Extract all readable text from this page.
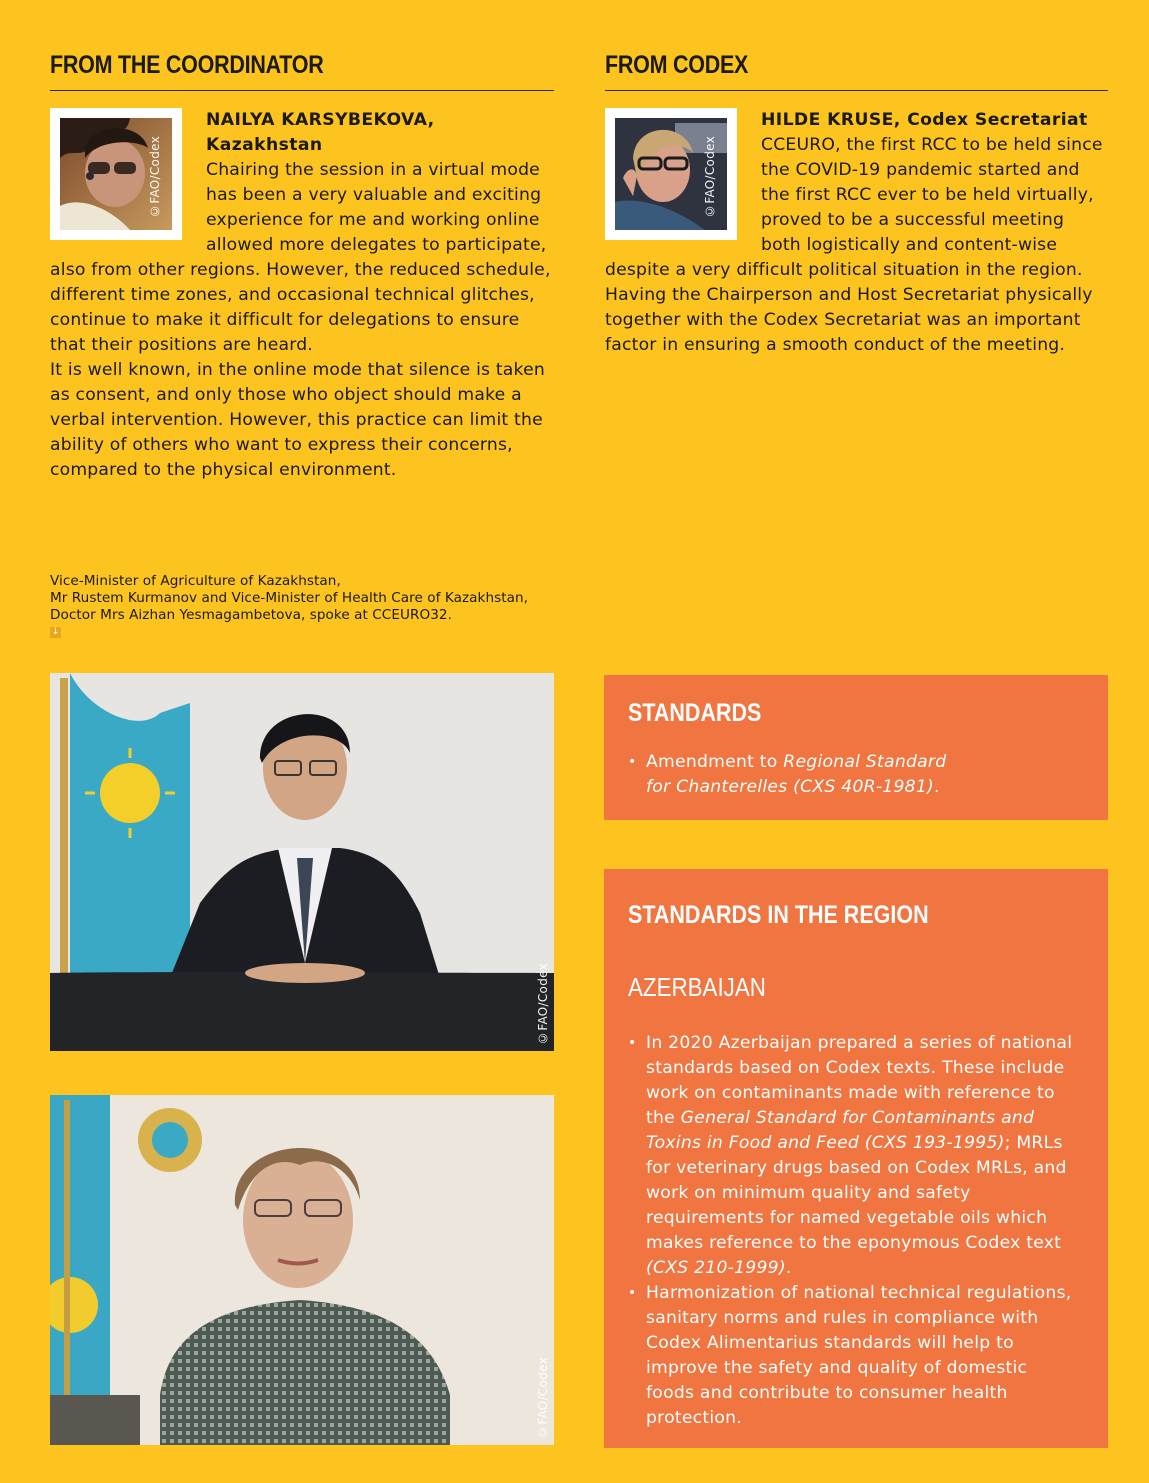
FROM THE COORDINATOR
©FAO/Codex
NAILYA KARSYBEKOVA,
Kazakhstan
Chairing the session in a virtual mode has been a very valuable and exciting experience for me and working online allowed more delegates to participate, also from other regions. However, the reduced schedule, different time zones, and occasional technical glitches, continue to make it difficult for delegations to ensure that their positions are heard.
It is well known, in the online mode that silence is taken as consent, and only those who object should make a verbal intervention. However, this practice can limit the ability of others who want to express their concerns, compared to the physical environment.
FROM CODEX
©FAO/Codex
HILDE KRUSE, Codex Secretariat
CCEURO, the first RCC to be held since the COVID-19 pandemic started and the first RCC ever to be held virtually, proved to be a successful meeting both logistically and content-wise despite a very difficult political situation in the region. Having the Chairperson and Host Secretariat physically together with the Codex Secretariat was an important factor in ensuring a smooth conduct of the meeting.
Vice-Minister of Agriculture of Kazakhstan,
Mr Rustem Kurmanov and Vice-Minister of Health Care of Kazakhstan,
Doctor Mrs Aizhan Yesmagambetova, spoke at CCEURO32.
↓
©FAO/Codex
©FAO/Codex
STANDARDS
• Amendment to Regional Standard for Chanterelles (CXS 40R-1981).
STANDARDS IN THE REGION
AZERBAIJAN
• In 2020 Azerbaijan prepared a series of national standards based on Codex texts. These include work on contaminants made with reference to the General Standard for Contaminants and Toxins in Food and Feed (CXS 193-1995); MRLs for veterinary drugs based on Codex MRLs, and work on minimum quality and safety requirements for named vegetable oils which makes reference to the eponymous Codex text (CXS 210-1999).
• Harmonization of national technical regulations, sanitary norms and rules in compliance with Codex Alimentarius standards will help to improve the safety and quality of domestic foods and contribute to consumer health protection.
